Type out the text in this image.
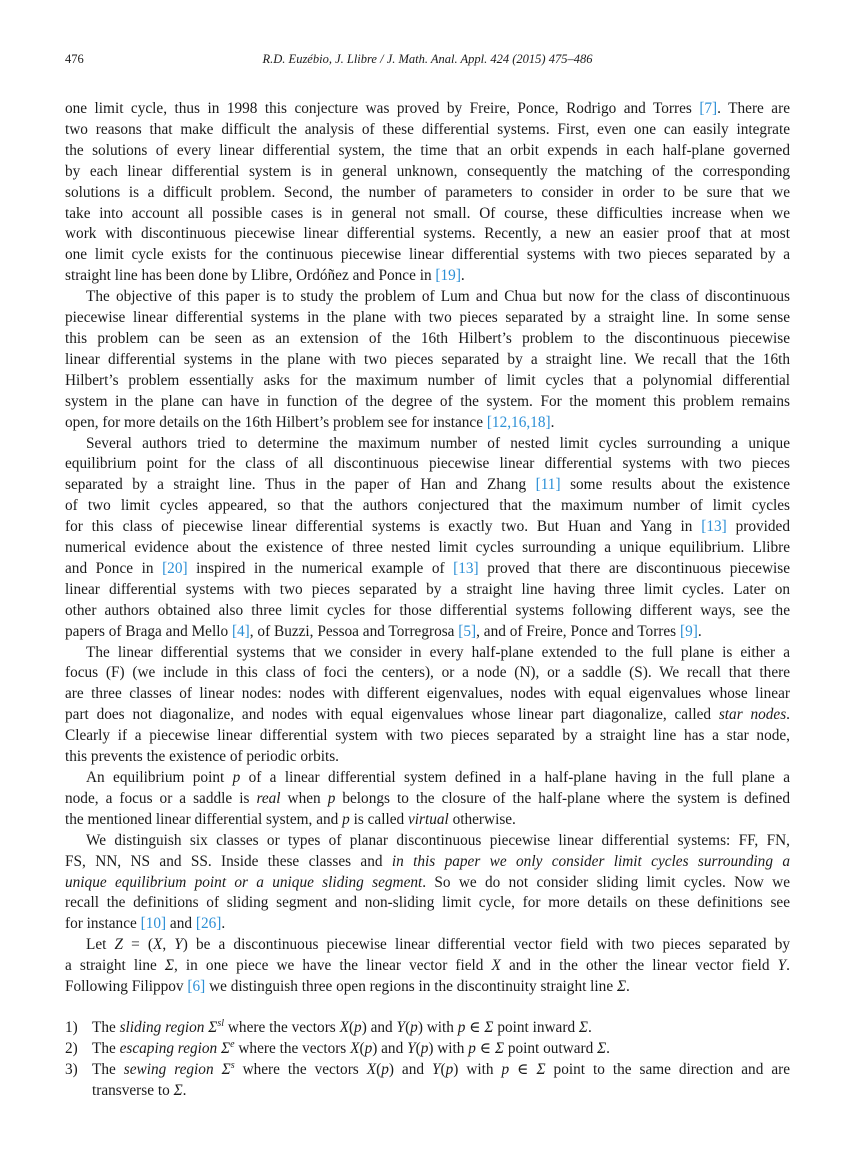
476	R.D. Euzébio, J. Llibre / J. Math. Anal. Appl. 424 (2015) 475–486
one limit cycle, thus in 1998 this conjecture was proved by Freire, Ponce, Rodrigo and Torres [7]. There are
two reasons that make difficult the analysis of these differential systems. First, even one can easily integrate
the solutions of every linear differential system, the time that an orbit expends in each half-plane governed
by each linear differential system is in general unknown, consequently the matching of the corresponding
solutions is a difficult problem. Second, the number of parameters to consider in order to be sure that we
take into account all possible cases is in general not small. Of course, these difficulties increase when we
work with discontinuous piecewise linear differential systems. Recently, a new an easier proof that at most
one limit cycle exists for the continuous piecewise linear differential systems with two pieces separated by a
straight line has been done by Llibre, Ordóñez and Ponce in [19].
The objective of this paper is to study the problem of Lum and Chua but now for the class of discontinuous
piecewise linear differential systems in the plane with two pieces separated by a straight line. In some sense
this problem can be seen as an extension of the 16th Hilbert’s problem to the discontinuous piecewise
linear differential systems in the plane with two pieces separated by a straight line. We recall that the 16th
Hilbert’s problem essentially asks for the maximum number of limit cycles that a polynomial differential
system in the plane can have in function of the degree of the system. For the moment this problem remains
open, for more details on the 16th Hilbert’s problem see for instance [12,16,18].
Several authors tried to determine the maximum number of nested limit cycles surrounding a unique
equilibrium point for the class of all discontinuous piecewise linear differential systems with two pieces
separated by a straight line. Thus in the paper of Han and Zhang [11] some results about the existence
of two limit cycles appeared, so that the authors conjectured that the maximum number of limit cycles
for this class of piecewise linear differential systems is exactly two. But Huan and Yang in [13] provided
numerical evidence about the existence of three nested limit cycles surrounding a unique equilibrium. Llibre
and Ponce in [20] inspired in the numerical example of [13] proved that there are discontinuous piecewise
linear differential systems with two pieces separated by a straight line having three limit cycles. Later on
other authors obtained also three limit cycles for those differential systems following different ways, see the
papers of Braga and Mello [4], of Buzzi, Pessoa and Torregrosa [5], and of Freire, Ponce and Torres [9].
The linear differential systems that we consider in every half-plane extended to the full plane is either a
focus (F) (we include in this class of foci the centers), or a node (N), or a saddle (S). We recall that there
are three classes of linear nodes: nodes with different eigenvalues, nodes with equal eigenvalues whose linear
part does not diagonalize, and nodes with equal eigenvalues whose linear part diagonalize, called star nodes.
Clearly if a piecewise linear differential system with two pieces separated by a straight line has a star node,
this prevents the existence of periodic orbits.
An equilibrium point p of a linear differential system defined in a half-plane having in the full plane a
node, a focus or a saddle is real when p belongs to the closure of the half-plane where the system is defined
the mentioned linear differential system, and p is called virtual otherwise.
We distinguish six classes or types of planar discontinuous piecewise linear differential systems: FF, FN,
FS, NN, NS and SS. Inside these classes and in this paper we only consider limit cycles surrounding a
unique equilibrium point or a unique sliding segment. So we do not consider sliding limit cycles. Now we
recall the definitions of sliding segment and non-sliding limit cycle, for more details on these definitions see
for instance [10] and [26].
Let Z = (X, Y) be a discontinuous piecewise linear differential vector field with two pieces separated by
a straight line Σ, in one piece we have the linear vector field X and in the other the linear vector field Y.
Following Filippov [6] we distinguish three open regions in the discontinuity straight line Σ.
1) The sliding region $\Sigma^{sl}$ where the vectors X(p) and Y(p) with p ∈ Σ point inward Σ.
2) The escaping region $\Sigma^e$ where the vectors X(p) and Y(p) with p ∈ Σ point outward Σ.
3) The sewing region $\Sigma^s$ where the vectors X(p) and Y(p) with p ∈ Σ point to the same direction and are
transverse to Σ.
